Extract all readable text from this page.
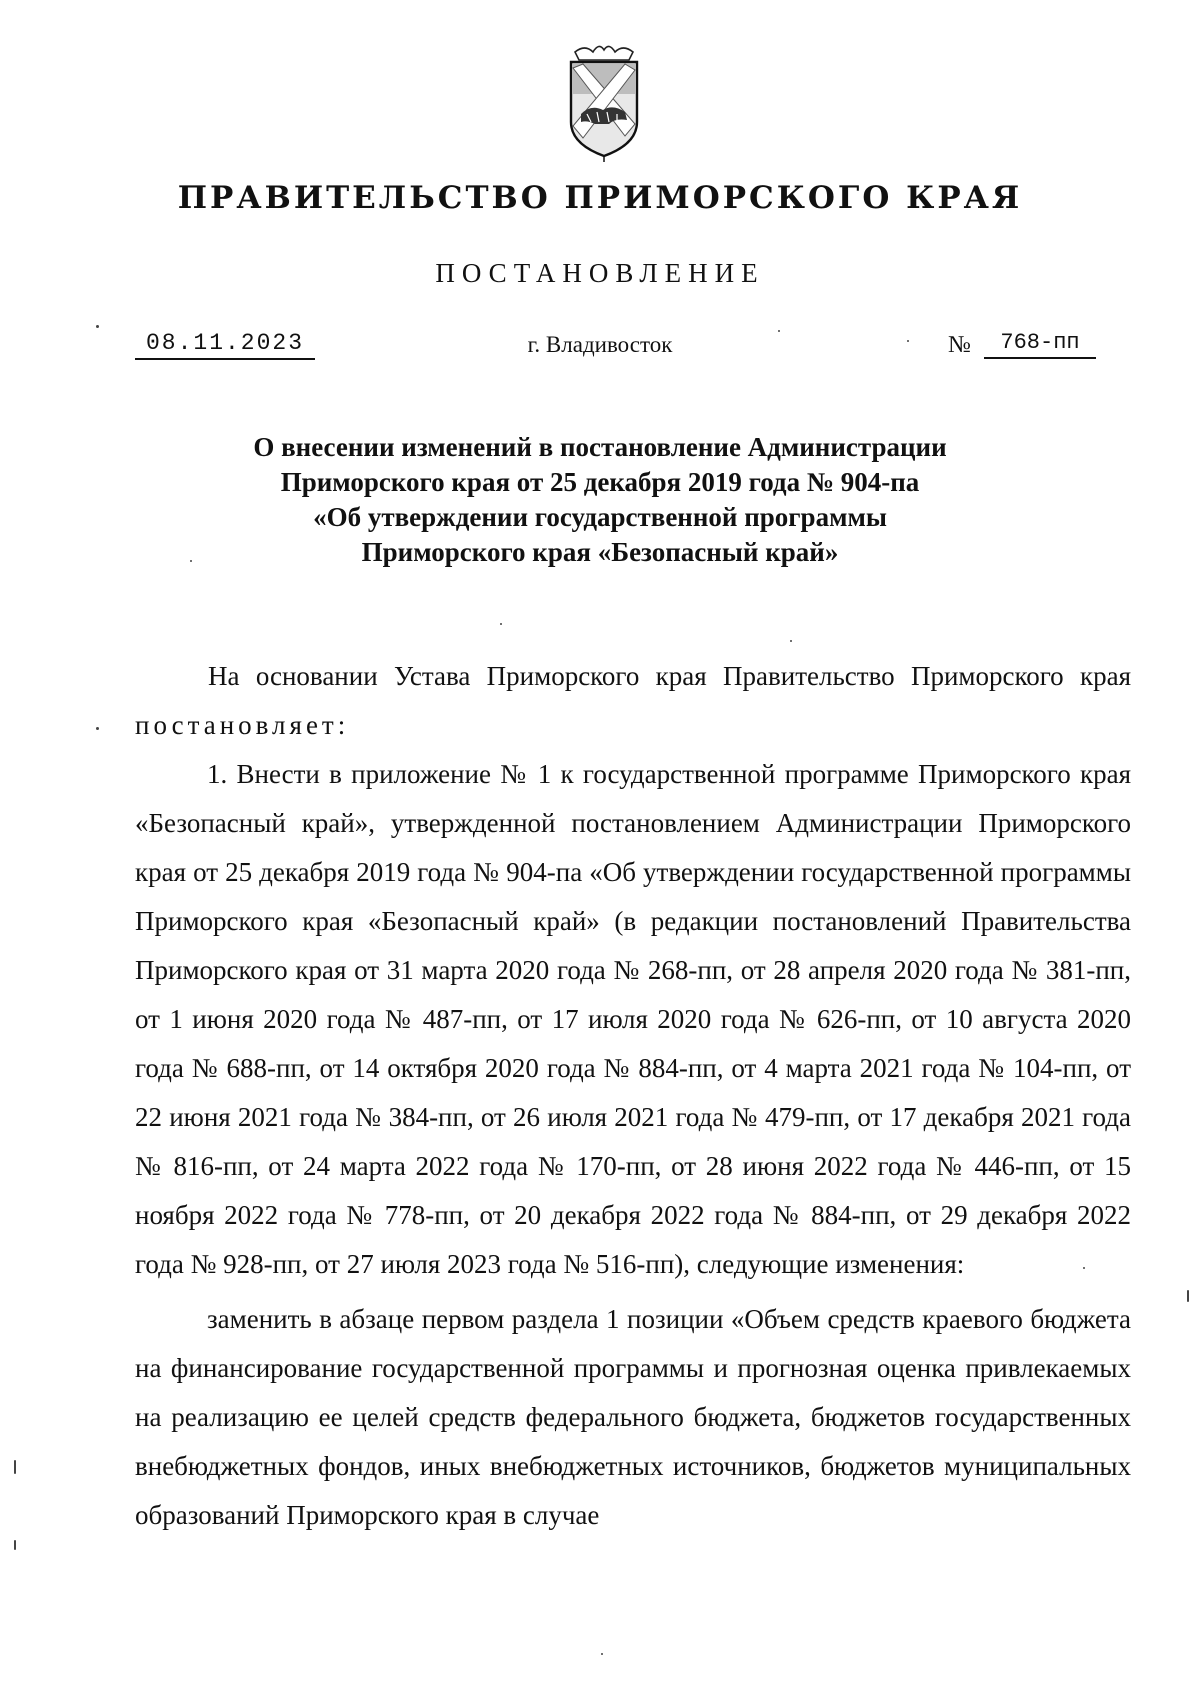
ПРАВИТЕЛЬСТВО ПРИМОРСКОГО КРАЯ
ПОСТАНОВЛЕНИЕ
08.11.2023	г. Владивосток	№	768-пп
О внесении изменений в постановление Администрации
Приморского края от 25 декабря 2019 года № 904-па
«Об утверждении государственной программы
Приморского края «Безопасный край»

На основании Устава Приморского края Правительство Приморского края постановляет:

1. Внести в приложение № 1 к государственной программе Приморского края «Безопасный край», утвержденной постановлением Администрации Приморского края от 25 декабря 2019 года № 904-па «Об утверждении государственной программы Приморского края «Безопасный край» (в редакции постановлений Правительства Приморского края от 31 марта 2020 года № 268-пп, от 28 апреля 2020 года № 381-пп, от 1 июня 2020 года № 487-пп, от 17 июля 2020 года № 626-пп, от 10 августа 2020 года № 688-пп, от 14 октября 2020 года № 884-пп, от 4 марта 2021 года № 104-пп, от 22 июня 2021 года № 384-пп, от 26 июля 2021 года № 479-пп, от 17 декабря 2021 года № 816-пп, от 24 марта 2022 года № 170-пп, от 28 июня 2022 года № 446-пп, от 15 ноября 2022 года № 778-пп, от 20 декабря 2022 года № 884-пп, от 29 декабря 2022 года № 928-пп, от 27 июля 2023 года № 516-пп), следующие изменения:

заменить в абзаце первом раздела 1 позиции «Объем средств краевого бюджета на финансирование государственной программы и прогнозная оценка привлекаемых на реализацию ее целей средств федерального бюджета, бюджетов государственных внебюджетных фондов, иных внебюджетных источников, бюджетов муниципальных образований Приморского края в случае
